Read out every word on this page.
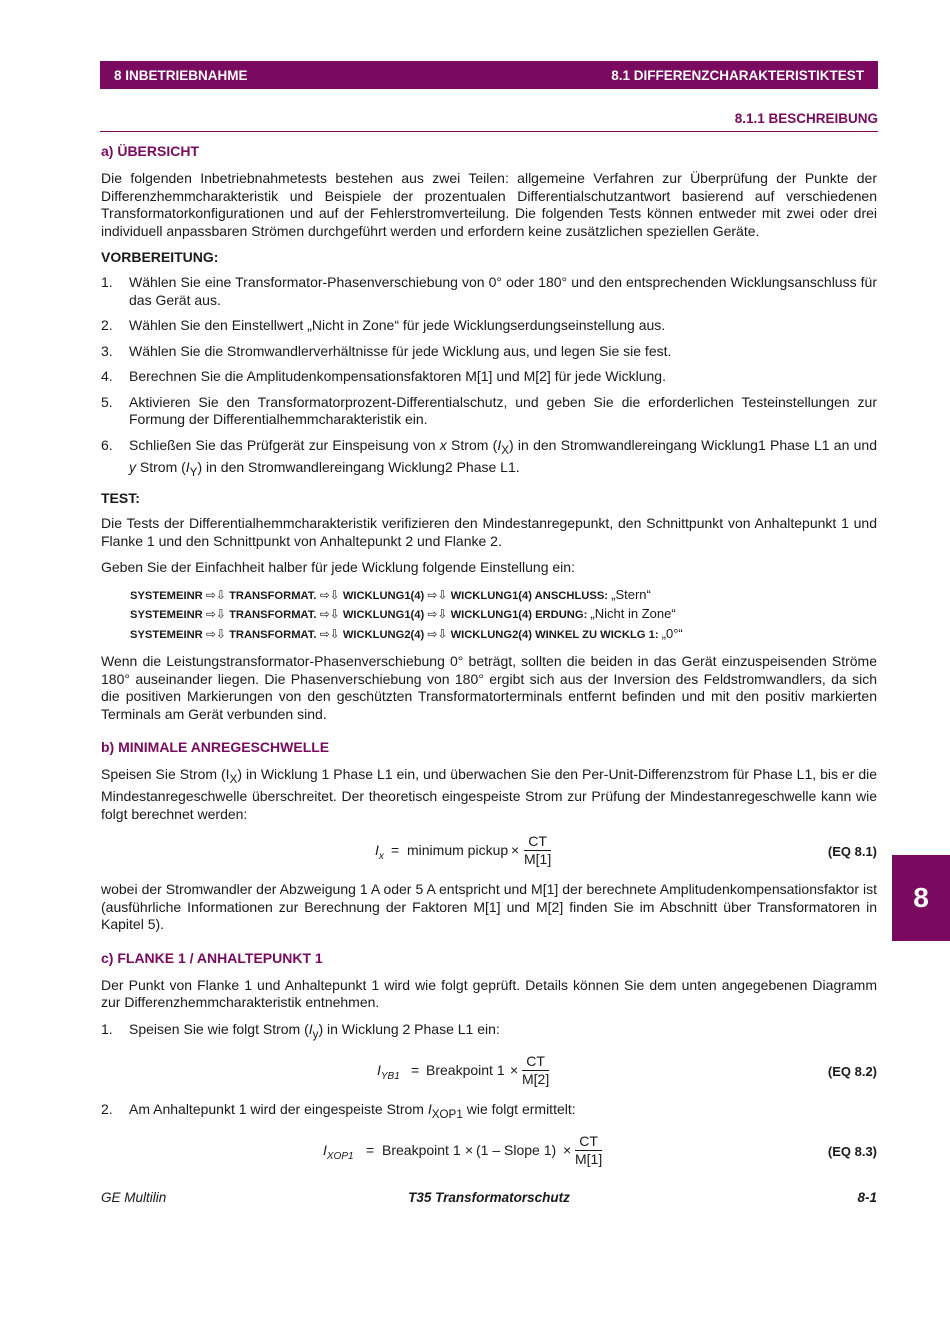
8 INBETRIEBNAHME	8.1 DIFFERENZCHARAKTERISTIKTEST
8.1.1 BESCHREIBUNG
8
a) ÜBERSICHT

Die folgenden Inbetriebnahmetests bestehen aus zwei Teilen: allgemeine Verfahren zur Überprüfung der Punkte der Differenzhemmcharakteristik und Beispiele der prozentualen Differentialschutzantwort basierend auf verschiedenen Transformatorkonfigurationen und auf der Fehlerstromverteilung. Die folgenden Tests können entweder mit zwei oder drei individuell anpassbaren Strömen durchgeführt werden und erfordern keine zusätzlichen speziellen Geräte.

VORBEREITUNG:
1. Wählen Sie eine Transformator-Phasenverschiebung von 0° oder 180° und den entsprechenden Wicklungsanschluss für das Gerät aus.
2. Wählen Sie den Einstellwert „Nicht in Zone“ für jede Wicklungserdungseinstellung aus.
3. Wählen Sie die Stromwandlerverhältnisse für jede Wicklung aus, und legen Sie sie fest.
4. Berechnen Sie die Amplitudenkompensationsfaktoren M[1] und M[2] für jede Wicklung.
5. Aktivieren Sie den Transformatorprozent-Differentialschutz, und geben Sie die erforderlichen Testeinstellungen zur Formung der Differentialhemmcharakteristik ein.
6. Schließen Sie das Prüfgerät zur Einspeisung von x Strom $(I_X)$ in den Stromwandlereingang Wicklung1 Phase L1 an und y Strom $(I_Y)$ in den Stromwandlereingang Wicklung2 Phase L1.
TEST:

Die Tests der Differentialhemmcharakteristik verifizieren den Mindestanregepunkt, den Schnittpunkt von Anhaltepunkt 1 und Flanke 1 und den Schnittpunkt von Anhaltepunkt 2 und Flanke 2.

Geben Sie der Einfachheit halber für jede Wicklung folgende Einstellung ein:

SYSTEMEINR ⇨⇩ TRANSFORMAT. ⇨⇩ WICKLUNG1(4) ⇨⇩ WICKLUNG1(4) ANSCHLUSS: „Stern“
SYSTEMEINR ⇨⇩ TRANSFORMAT. ⇨⇩ WICKLUNG1(4) ⇨⇩ WICKLUNG1(4) ERDUNG: „Nicht in Zone“
SYSTEMEINR ⇨⇩ TRANSFORMAT. ⇨⇩ WICKLUNG2(4) ⇨⇩ WICKLUNG2(4) WINKEL ZU WICKLG 1: „0°“

Wenn die Leistungstransformator-Phasenverschiebung 0° beträgt, sollten die beiden in das Gerät einzuspeisenden Ströme 180° auseinander liegen. Die Phasenverschiebung von 180° ergibt sich aus der Inversion des Feldstromwandlers, da sich die positiven Markierungen von den geschützten Transformatorterminals entfernt befinden und mit den positiv markierten Terminals am Gerät verbunden sind.

b) MINIMALE ANREGESCHWELLE

Speisen Sie Strom $(I_X)$ in Wicklung 1 Phase L1 ein, und überwachen Sie den Per-Unit-Differenzstrom für Phase L1, bis er die Mindestanregeschwelle überschreitet. Der theoretisch eingespeiste Strom zur Prüfung der Mindestanregeschwelle kann wie folgt berechnet werden:

$I_x$ = minimum pickup × $\frac{CT}{M[1]}$	(EQ 8.1)

wobei der Stromwandler der Abzweigung 1 A oder 5 A entspricht und M[1] der berechnete Amplitudenkompensationsfaktor ist (ausführliche Informationen zur Berechnung der Faktoren M[1] und M[2] finden Sie im Abschnitt über Transformatoren in Kapitel 5).

c) FLANKE 1 / ANHALTEPUNKT 1

Der Punkt von Flanke 1 und Anhaltepunkt 1 wird wie folgt geprüft. Details können Sie dem unten angegebenen Diagramm zur Differenzhemmcharakteristik entnehmen.

1. Speisen Sie wie folgt Strom $(I_y)$ in Wicklung 2 Phase L1 ein:
$I_{YB1}$ = Breakpoint $1 \times \frac{CT}{M[2]}$	(EQ 8.2)
2. Am Anhaltepunkt 1 wird der eingespeiste Strom $I_{XOP1}$ wie folgt ermittelt:
$I_{XOP1}$ = Breakpoint 1 × (1 – Slope $1) \times \frac{CT}{M[1]}$	(EQ 8.3)
GE Multilin	T35 Transformatorschutz	8-1
